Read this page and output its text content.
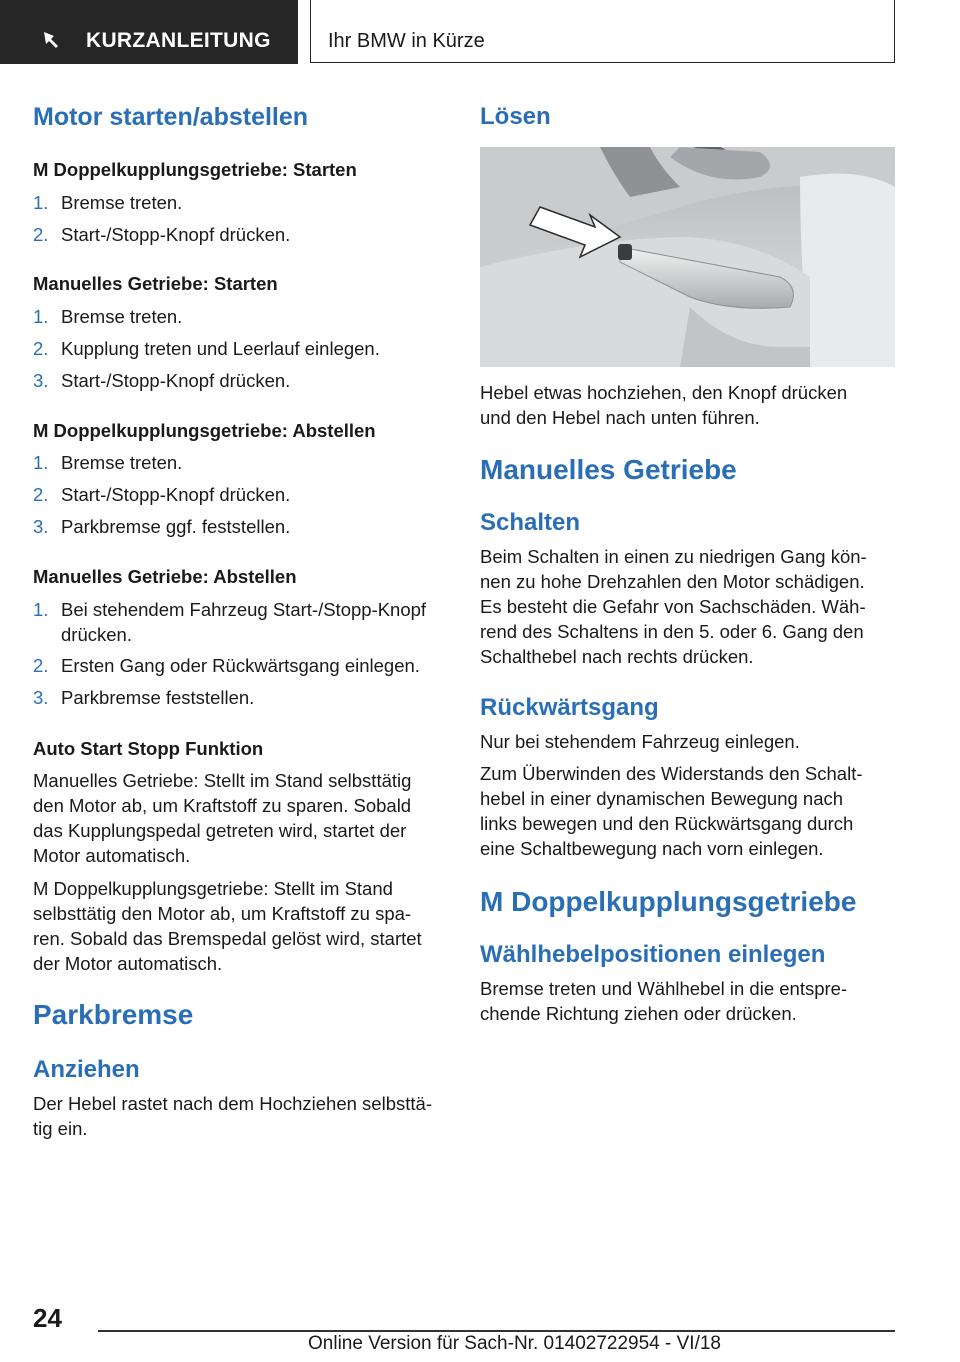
KURZANLEITUNG	Ihr BMW in Kürze
Motor starten/abstellen

M Doppelkupplungsgetriebe: Starten

1. Bremse treten.
2. Start-/Stopp-Knopf drücken.

Manuelles Getriebe: Starten

1. Bremse treten.
2. Kupplung treten und Leerlauf einlegen.
3. Start-/Stopp-Knopf drücken.

M Doppelkupplungsgetriebe: Abstellen

1. Bremse treten.
2. Start-/Stopp-Knopf drücken.
3. Parkbremse ggf. feststellen.

Manuelles Getriebe: Abstellen

1. Bei stehendem Fahrzeug Start-/Stopp-Knopf
drücken.
2. Ersten Gang oder Rückwärtsgang einlegen.
3. Parkbremse feststellen.

Auto Start Stopp Funktion

Manuelles Getriebe: Stellt im Stand selbsttätig

den Motor ab, um Kraftstoff zu sparen. Sobald

das Kupplungspedal getreten wird, startet der

Motor automatisch.

M Doppelkupplungsgetriebe: Stellt im Stand

selbsttätig den Motor ab, um Kraftstoff zu spa‐

ren. Sobald das Bremspedal gelöst wird, startet

der Motor automatisch.

Parkbremse
Anziehen

Der Hebel rastet nach dem Hochziehen selbsttä‐

tig ein.

Lösen

Hebel etwas hochziehen, den Knopf drücken

und den Hebel nach unten führen.

Manuelles Getriebe
Schalten

Beim Schalten in einen zu niedrigen Gang kön‐

nen zu hohe Drehzahlen den Motor schädigen.

Es besteht die Gefahr von Sachschäden. Wäh‐

rend des Schaltens in den 5. oder 6. Gang den

Schalthebel nach rechts drücken.

Rückwärtsgang

Nur bei stehendem Fahrzeug einlegen.

Zum Überwinden des Widerstands den Schalt‐

hebel in einer dynamischen Bewegung nach

links bewegen und den Rückwärtsgang durch

eine Schaltbewegung nach vorn einlegen.

M Doppelkupplungsgetriebe
Wählhebelpositionen einlegen

Bremse treten und Wählhebel in die entspre‐

chende Richtung ziehen oder drücken.

24
Online Version für Sach-Nr. 01402722954 - VI/18
